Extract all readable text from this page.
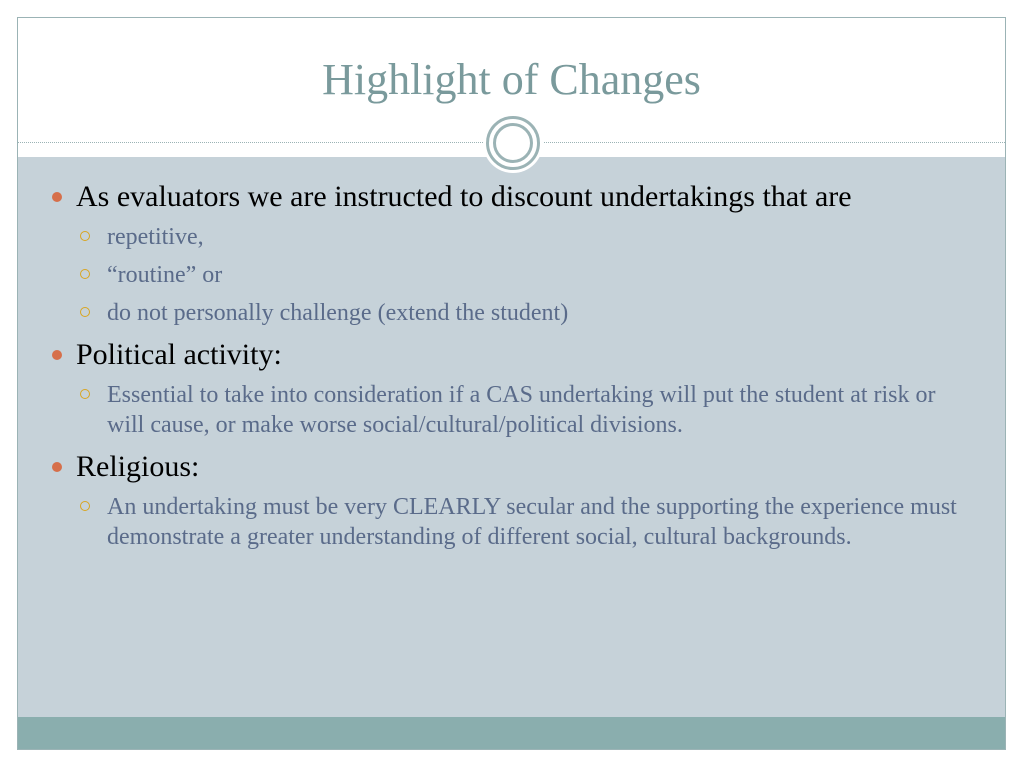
Highlight of Changes
As evaluators we are instructed to discount undertakings that are
repetitive,
“routine” or
do not personally challenge (extend the student)
Political activity:
Essential to take into consideration if a CAS undertaking will put the student at risk or will cause, or make worse social/cultural/political divisions.
Religious:
An undertaking must be very CLEARLY secular and the supporting the experience must demonstrate a greater understanding of different social, cultural backgrounds.
